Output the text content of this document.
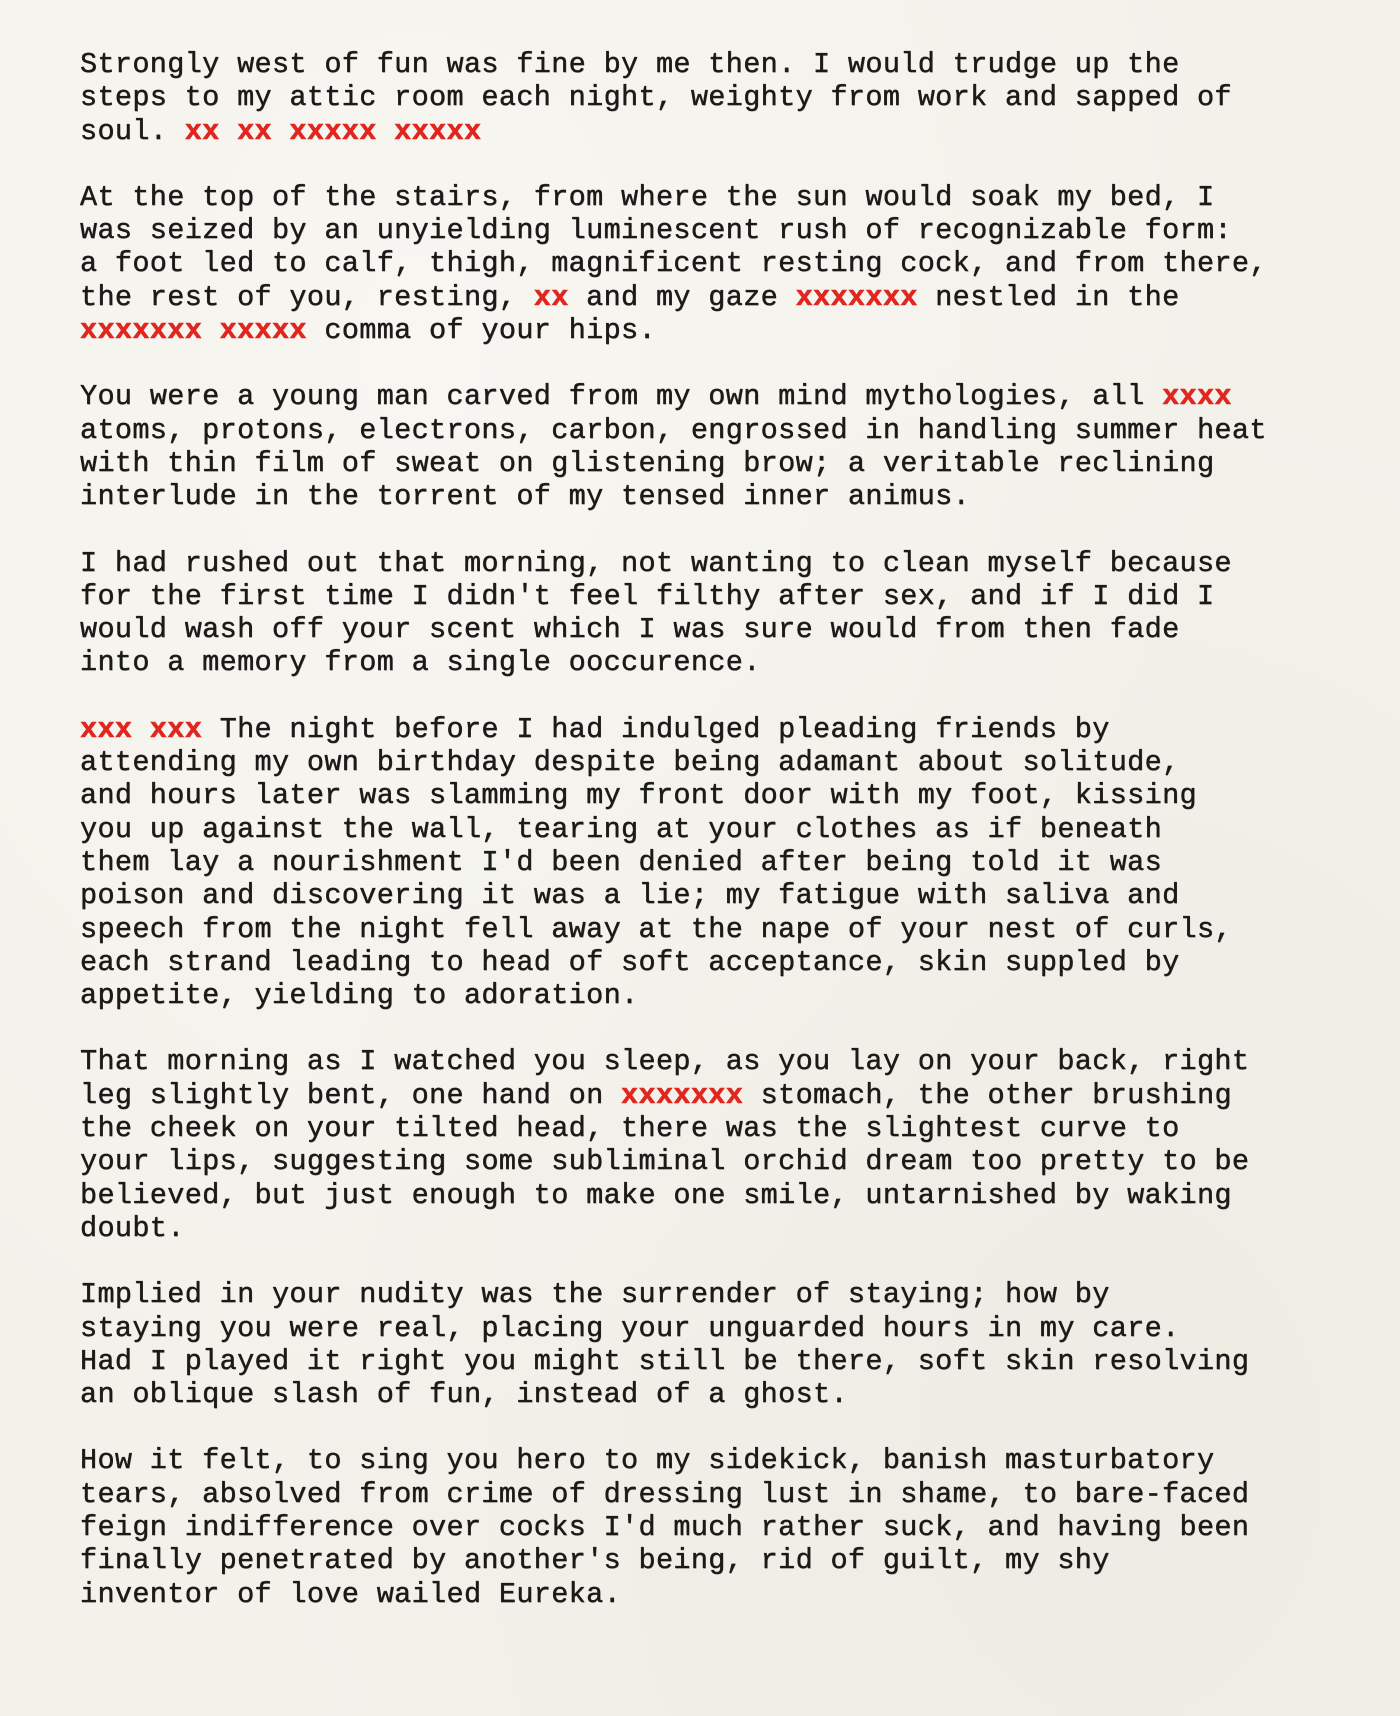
Strongly west of fun was fine by me then. I would trudge up the
steps to my attic room each night, weighty from work and sapped of
soul. xx xx xxxxx xxxxx
At the top of the stairs, from where the sun would soak my bed, I
was seized by an unyielding luminescent rush of recognizable form:
a foot led to calf, thigh, magnificent resting cock, and from there,
the rest of you, resting, xx and my gaze xxxxxxx nestled in the
xxxxxxx xxxxx comma of your hips.
You were a young man carved from my own mind mythologies, all xxxx
atoms, protons, electrons, carbon, engrossed in handling summer heat
with thin film of sweat on glistening brow; a veritable reclining
interlude in the torrent of my tensed inner animus.
I had rushed out that morning, not wanting to clean myself because
for the first time I didn't feel filthy after sex, and if I did I
would wash off your scent which I was sure would from then fade
into a memory from a single ooccurence.
xxx xxx The night before I had indulged pleading friends by
attending my own birthday despite being adamant about solitude,
and hours later was slamming my front door with my foot, kissing
you up against the wall, tearing at your clothes as if beneath
them lay a nourishment I'd been denied after being told it was
poison and discovering it was a lie; my fatigue with saliva and
speech from the night fell away at the nape of your nest of curls,
each strand leading to head of soft acceptance, skin suppled by
appetite, yielding to adoration.
That morning as I watched you sleep, as you lay on your back, right
leg slightly bent, one hand on xxxxxxx stomach, the other brushing
the cheek on your tilted head, there was the slightest curve to
your lips, suggesting some subliminal orchid dream too pretty to be
believed, but just enough to make one smile, untarnished by waking
doubt.
Implied in your nudity was the surrender of staying; how by
staying you were real, placing your unguarded hours in my care.
Had I played it right you might still be there, soft skin resolving
an oblique slash of fun, instead of a ghost.
How it felt, to sing you hero to my sidekick, banish masturbatory
tears, absolved from crime of dressing lust in shame, to bare-faced
feign indifference over cocks I'd much rather suck, and having been
finally penetrated by another's being, rid of guilt, my shy
inventor of love wailed Eureka.
